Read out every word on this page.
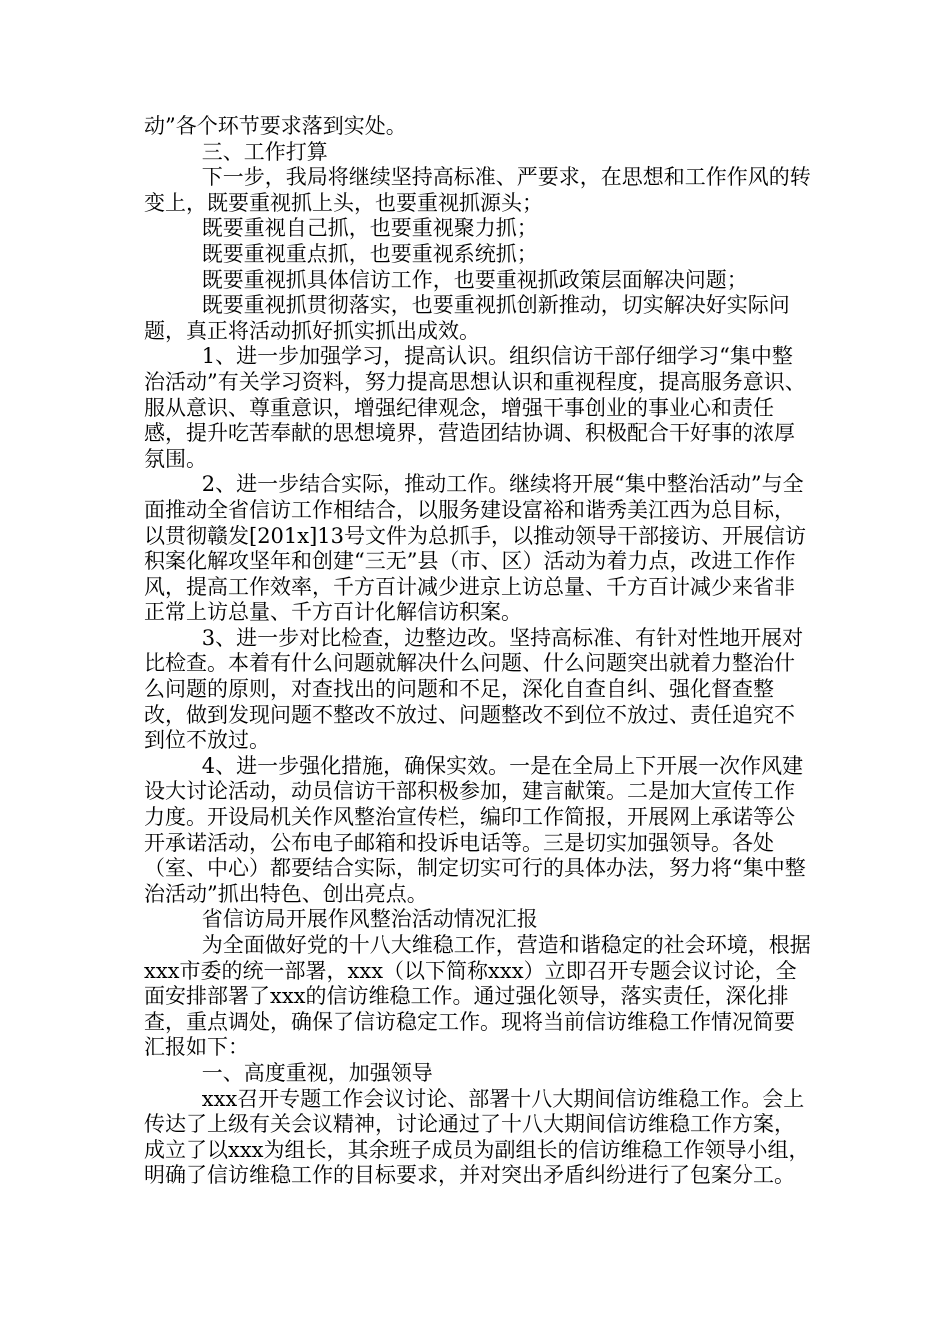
动”各个环节要求落到实处。

三、工作打算

下一步，我局将继续坚持高标准、严要求，在思想和工作作风的转变上，既要重视抓上头，也要重视抓源头；

既要重视自己抓，也要重视聚力抓；

既要重视重点抓，也要重视系统抓；

既要重视抓具体信访工作，也要重视抓政策层面解决问题；

既要重视抓贯彻落实，也要重视抓创新推动，切实解决好实际问题，真正将活动抓好抓实抓出成效。

1、进一步加强学习，提高认识。组织信访干部仔细学习“集中整治活动”有关学习资料，努力提高思想认识和重视程度，提高服务意识、服从意识、尊重意识，增强纪律观念，增强干事创业的事业心和责任感，提升吃苦奉献的思想境界，营造团结协调、积极配合干好事的浓厚氛围。

2、进一步结合实际，推动工作。继续将开展“集中整治活动”与全面推动全省信访工作相结合，以服务建设富裕和谐秀美江西为总目标，以贯彻赣发[201x]13号文件为总抓手，以推动领导干部接访、开展信访积案化解攻坚年和创建“三无”县（市、区）活动为着力点，改进工作作风，提高工作效率，千方百计减少进京上访总量、千方百计减少来省非正常上访总量、千方百计化解信访积案。

3、进一步对比检查，边整边改。坚持高标准、有针对性地开展对比检查。本着有什么问题就解决什么问题、什么问题突出就着力整治什么问题的原则，对查找出的问题和不足，深化自查自纠、强化督查整改，做到发现问题不整改不放过、问题整改不到位不放过、责任追究不到位不放过。

4、进一步强化措施，确保实效。一是在全局上下开展一次作风建设大讨论活动，动员信访干部积极参加，建言献策。二是加大宣传工作力度。开设局机关作风整治宣传栏，编印工作简报，开展网上承诺等公开承诺活动，公布电子邮箱和投诉电话等。三是切实加强领导。各处（室、中心）都要结合实际，制定切实可行的具体办法，努力将“集中整治活动”抓出特色、创出亮点。

省信访局开展作风整治活动情况汇报

为全面做好党的十八大维稳工作，营造和谐稳定的社会环境，根据xxx市委的统一部署，xxx（以下简称xxx）立即召开专题会议讨论，全面安排部署了xxx的信访维稳工作。通过强化领导，落实责任，深化排查，重点调处，确保了信访稳定工作。现将当前信访维稳工作情况简要汇报如下：

一、高度重视，加强领导

xxx召开专题工作会议讨论、部署十八大期间信访维稳工作。会上传达了上级有关会议精神，讨论通过了十八大期间信访维稳工作方案，成立了以xxx为组长，其余班子成员为副组长的信访维稳工作领导小组，明确了信访维稳工作的目标要求，并对突出矛盾纠纷进行了包案分工。
